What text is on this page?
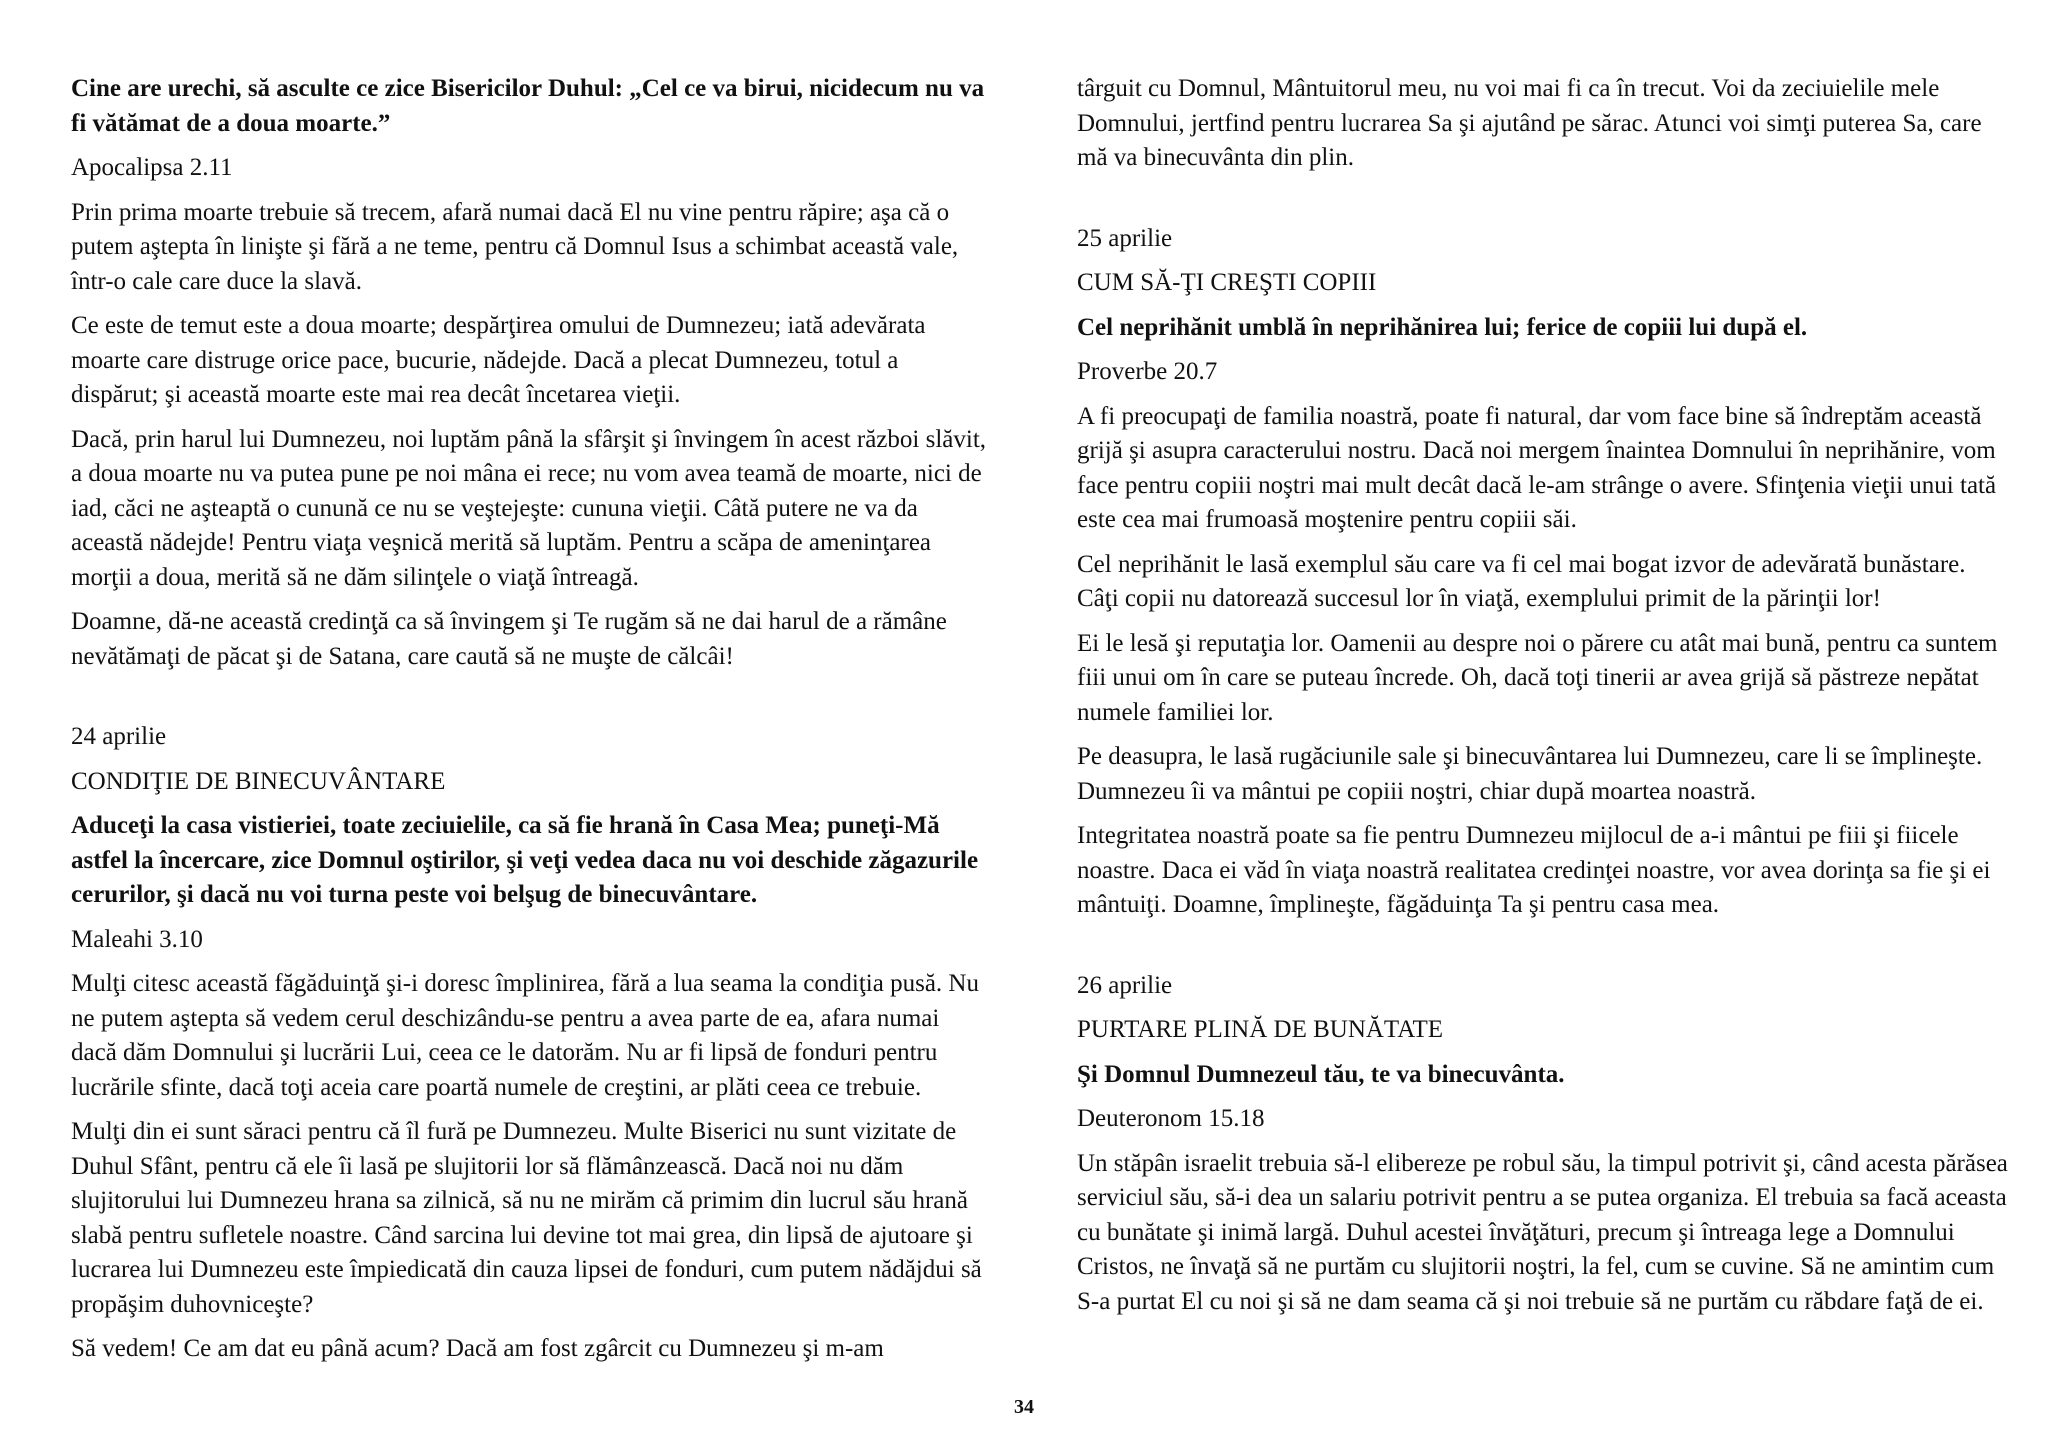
Cine are urechi, să asculte ce zice Bisericilor Duhul: „Cel ce va birui, nicidecum nu va fi vătămat de a doua moarte.”

Apocalipsa 2.11

Prin prima moarte trebuie să trecem, afară numai dacă El nu vine pentru răpire; aşa că o putem aştepta în linişte şi fără a ne teme, pentru că Domnul Isus a schimbat această vale, într-o cale care duce la slavă.

Ce este de temut este a doua moarte; despărţirea omului de Dumnezeu; iată adevărata moarte care distruge orice pace, bucurie, nădejde. Dacă a plecat Dumnezeu, totul a dispărut; şi această moarte este mai rea decât încetarea vieţii.

Dacă, prin harul lui Dumnezeu, noi luptăm până la sfârşit şi învingem în acest război slăvit, a doua moarte nu va putea pune pe noi mâna ei rece; nu vom avea teamă de moarte, nici de iad, căci ne aşteaptă o cunună ce nu se veştejeşte: cununa vieţii. Câtă putere ne va da această nădejde! Pentru viaţa veşnică merită să luptăm. Pentru a scăpa de ameninţarea morţii a doua, merită să ne dăm silinţele o viaţă întreagă.

Doamne, dă-ne această credinţă ca să învingem şi Te rugăm să ne dai harul de a rămâne nevătămaţi de păcat şi de Satana, care caută să ne muşte de călcâi!

24 aprilie

CONDIŢIE DE BINECUVÂNTARE

Aduceţi la casa vistieriei, toate zeciuielile, ca să fie hrană în Casa Mea; puneţi-Mă astfel la încercare, zice Domnul oştirilor, şi veţi vedea daca nu voi deschide zăgazurile cerurilor, şi dacă nu voi turna peste voi belşug de binecuvântare.

Maleahi 3.10

Mulţi citesc această făgăduinţă şi-i doresc împlinirea, fără a lua seama la condiţia pusă. Nu ne putem aştepta să vedem cerul deschizându-se pentru a avea parte de ea, afara numai dacă dăm Domnului şi lucrării Lui, ceea ce le datorăm. Nu ar fi lipsă de fonduri pentru lucrările sfinte, dacă toţi aceia care poartă numele de creştini, ar plăti ceea ce trebuie.

Mulţi din ei sunt săraci pentru că îl fură pe Dumnezeu. Multe Biserici nu sunt vizitate de Duhul Sfânt, pentru că ele îi lasă pe slujitorii lor să flămânzească. Dacă noi nu dăm slujitorului lui Dumnezeu hrana sa zilnică, să nu ne mirăm că primim din lucrul său hrană slabă pentru sufletele noastre. Când sarcina lui devine tot mai grea, din lipsă de ajutoare şi lucrarea lui Dumnezeu este împiedicată din cauza lipsei de fonduri, cum putem nădăjdui să propăşim duhovniceşte?

Să vedem! Ce am dat eu până acum? Dacă am fost zgârcit cu Dumnezeu şi m-am

târguit cu Domnul, Mântuitorul meu, nu voi mai fi ca în trecut. Voi da zeciuielile mele Domnului, jertfind pentru lucrarea Sa şi ajutând pe sărac. Atunci voi simţi puterea Sa, care mă va binecuvânta din plin.

25 aprilie

CUM SĂ-ŢI CREŞTI COPIII

Cel neprihănit umblă în neprihănirea lui; ferice de copiii lui după el.

Proverbe 20.7

A fi preocupaţi de familia noastră, poate fi natural, dar vom face bine să îndreptăm această grijă şi asupra caracterului nostru. Dacă noi mergem înaintea Domnului în neprihănire, vom face pentru copiii noştri mai mult decât dacă le-am strânge o avere. Sfinţenia vieţii unui tată este cea mai frumoasă moştenire pentru copiii săi.

Cel neprihănit le lasă exemplul său care va fi cel mai bogat izvor de adevărată bunăstare. Câţi copii nu datorează succesul lor în viaţă, exemplului primit de la părinţii lor!

Ei le lesă şi reputaţia lor. Oamenii au despre noi o părere cu atât mai bună, pentru ca suntem fiii unui om în care se puteau încrede. Oh, dacă toţi tinerii ar avea grijă să păstreze nepătat numele familiei lor.

Pe deasupra, le lasă rugăciunile sale şi binecuvântarea lui Dumnezeu, care li se împlineşte. Dumnezeu îi va mântui pe copiii noştri, chiar după moartea noastră.

Integritatea noastră poate sa fie pentru Dumnezeu mijlocul de a-i mântui pe fiii şi fiicele noastre. Daca ei văd în viaţa noastră realitatea credinţei noastre, vor avea dorinţa sa fie şi ei mântuiţi. Doamne, împlineşte, făgăduinţa Ta şi pentru casa mea.

26 aprilie

PURTARE PLINĂ DE BUNĂTATE

Şi Domnul Dumnezeul tău, te va binecuvânta.

Deuteronom 15.18

Un stăpân israelit trebuia să-l elibereze pe robul său, la timpul potrivit şi, când acesta părăsea serviciul său, să-i dea un salariu potrivit pentru a se putea organiza. El trebuia sa facă aceasta cu bunătate şi inimă largă. Duhul acestei învăţături, precum şi întreaga lege a Domnului Cristos, ne învaţă să ne purtăm cu slujitorii noştri, la fel, cum se cuvine. Să ne amintim cum S-a purtat El cu noi şi să ne dam seama că şi noi trebuie să ne purtăm cu răbdare faţă de ei.

34
